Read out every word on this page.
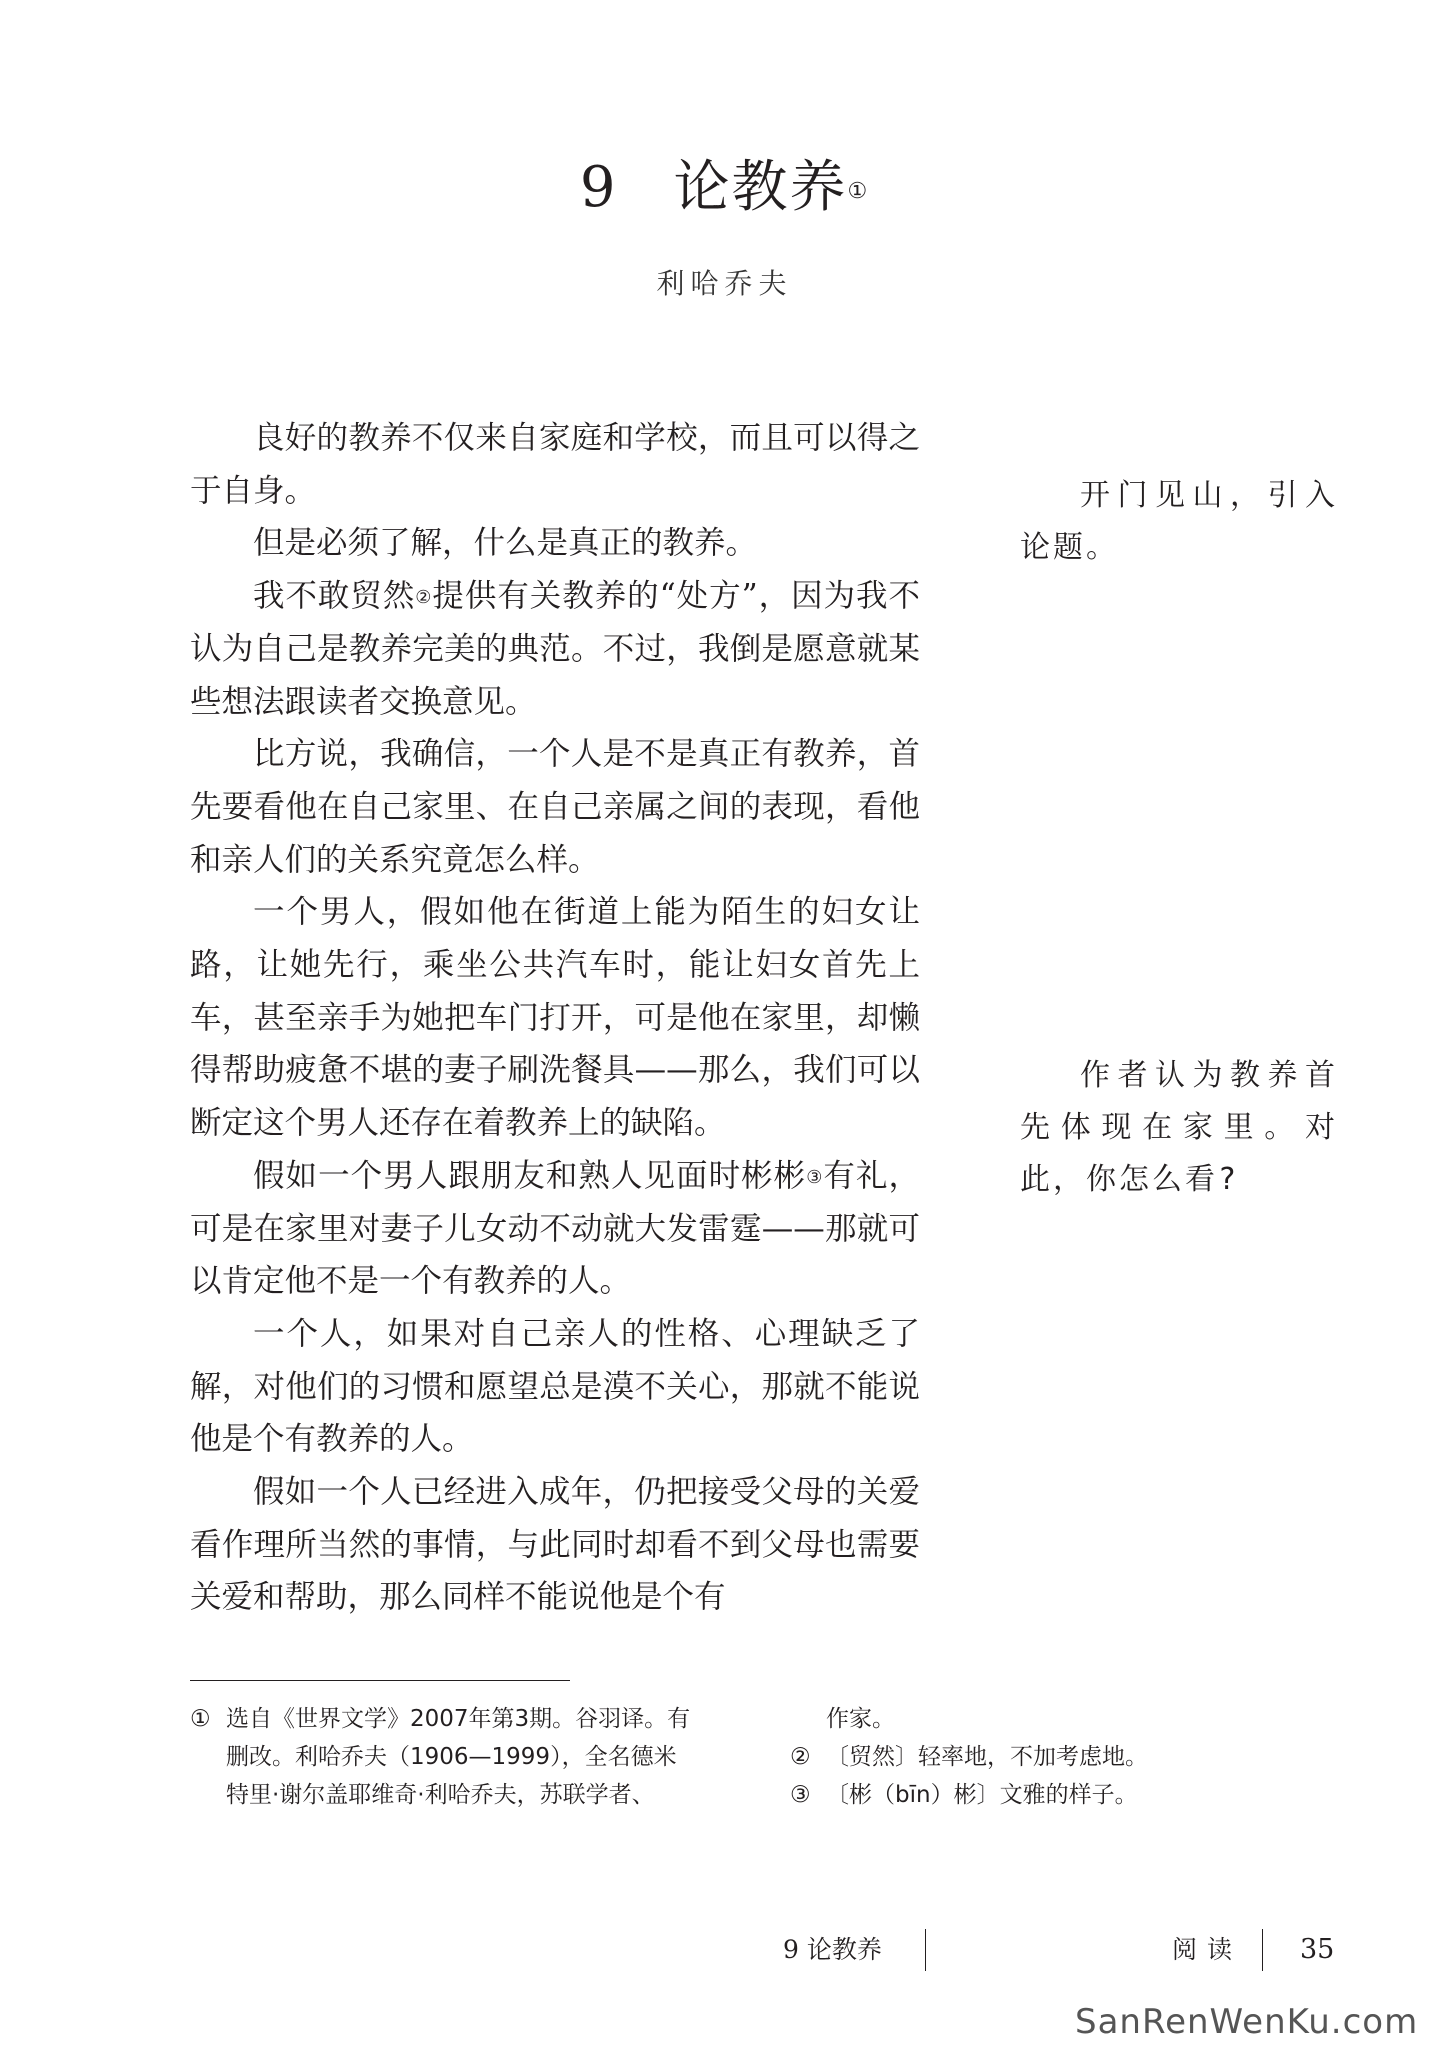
9 论教养①
利哈乔夫

良好的教养不仅来自家庭和学校，而且可以得之于自身。

但是必须了解，什么是真正的教养。

我不敢贸然②提供有关教养的“处方”，因为我不认为自己是教养完美的典范。不过，我倒是愿意就某些想法跟读者交换意见。

比方说，我确信，一个人是不是真正有教养，首先要看他在自己家里、在自己亲属之间的表现，看他和亲人们的关系究竟怎么样。

一个男人，假如他在街道上能为陌生的妇女让路，让她先行，乘坐公共汽车时，能让妇女首先上车，甚至亲手为她把车门打开，可是他在家里，却懒得帮助疲惫不堪的妻子刷洗餐具——那么，我们可以断定这个男人还存在着教养上的缺陷。

假如一个男人跟朋友和熟人见面时彬彬③有礼，可是在家里对妻子儿女动不动就大发雷霆——那就可以肯定他不是一个有教养的人。

一个人，如果对自己亲人的性格、心理缺乏了解，对他们的习惯和愿望总是漠不关心，那就不能说他是个有教养的人。

假如一个人已经进入成年，仍把接受父母的关爱看作理所当然的事情，与此同时却看不到父母也需要关爱和帮助，那么同样不能说他是个有

开门见山，引入论题。

作者认为教养首先体现在家里。对此，你怎么看?

① 选自《世界文学》2007年第3期。谷羽译。有
删改。利哈乔夫（1906—1999），全名德米
特里·谢尔盖耶维奇·利哈乔夫，苏联学者、
作家。
② 〔贸然〕轻率地，不加考虑地。
③ 〔彬（bīn）彬〕文雅的样子。
9 论教养	阅读 35
SanRenWenKu.com
